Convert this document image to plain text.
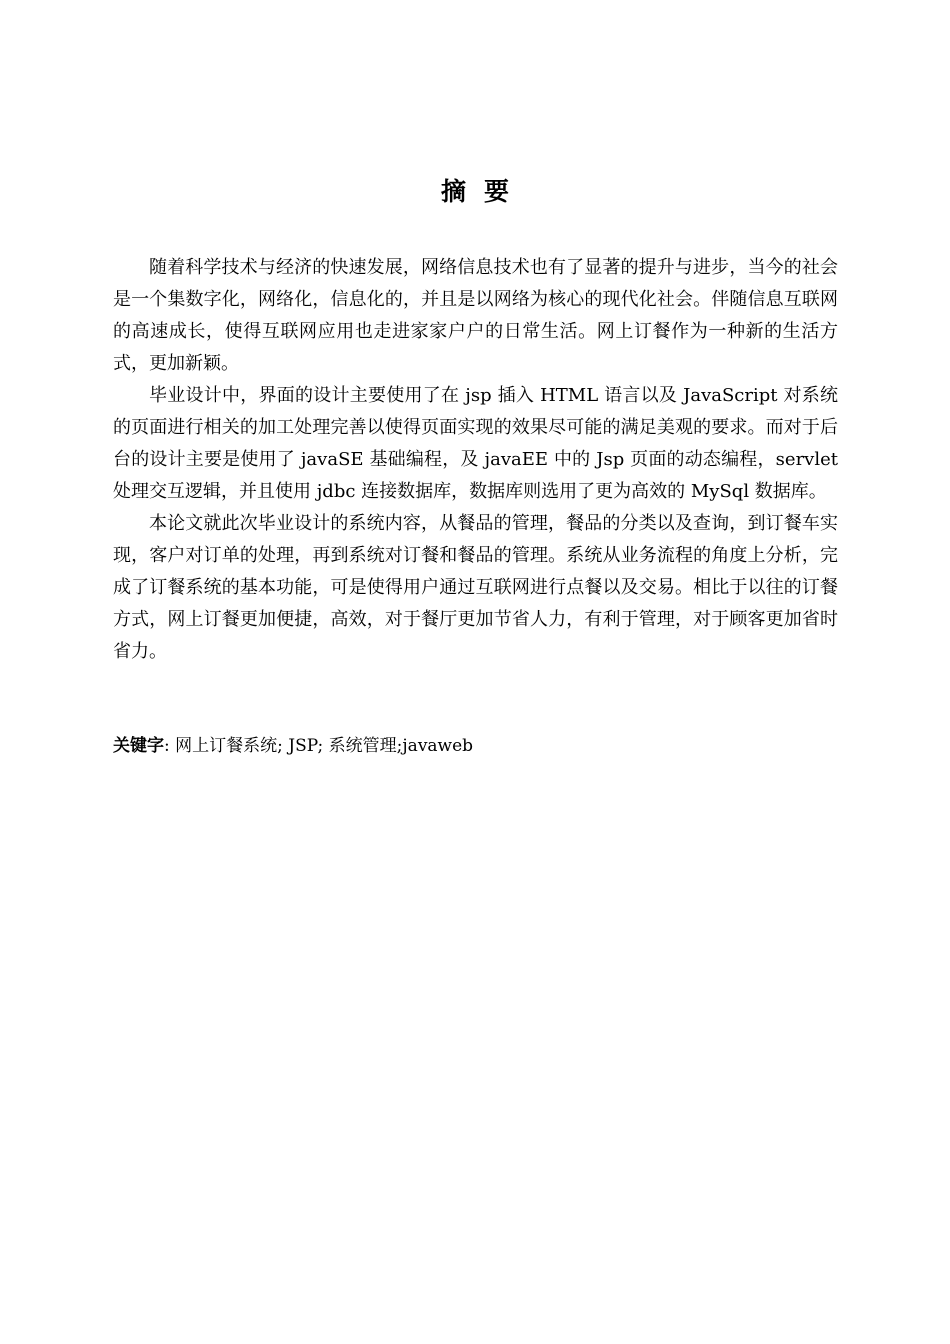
摘要

随着科学技术与经济的快速发展，网络信息技术也有了显著的提升与进步，当今的社会是一个集数字化，网络化，信息化的，并且是以网络为核心的现代化社会。伴随信息互联网的高速成长，使得互联网应用也走进家家户户的日常生活。网上订餐作为一种新的生活方式，更加新颖。

毕业设计中，界面的设计主要使用了在 jsp 插入 HTML 语言以及 JavaScript 对系统的页面进行相关的加工处理完善以使得页面实现的效果尽可能的满足美观的要求。而对于后台的设计主要是使用了 javaSE 基础编程，及 javaEE 中的 Jsp 页面的动态编程，servlet 处理交互逻辑，并且使用 jdbc 连接数据库，数据库则选用了更为高效的 MySql 数据库。

本论文就此次毕业设计的系统内容，从餐品的管理，餐品的分类以及查询，到订餐车实现，客户对订单的处理，再到系统对订餐和餐品的管理。系统从业务流程的角度上分析，完成了订餐系统的基本功能，可是使得用户通过互联网进行点餐以及交易。相比于以往的订餐方式，网上订餐更加便捷，高效，对于餐厅更加节省人力，有利于管理，对于顾客更加省时省力。

关键字: 网上订餐系统; JSP; 系统管理;javaweb
